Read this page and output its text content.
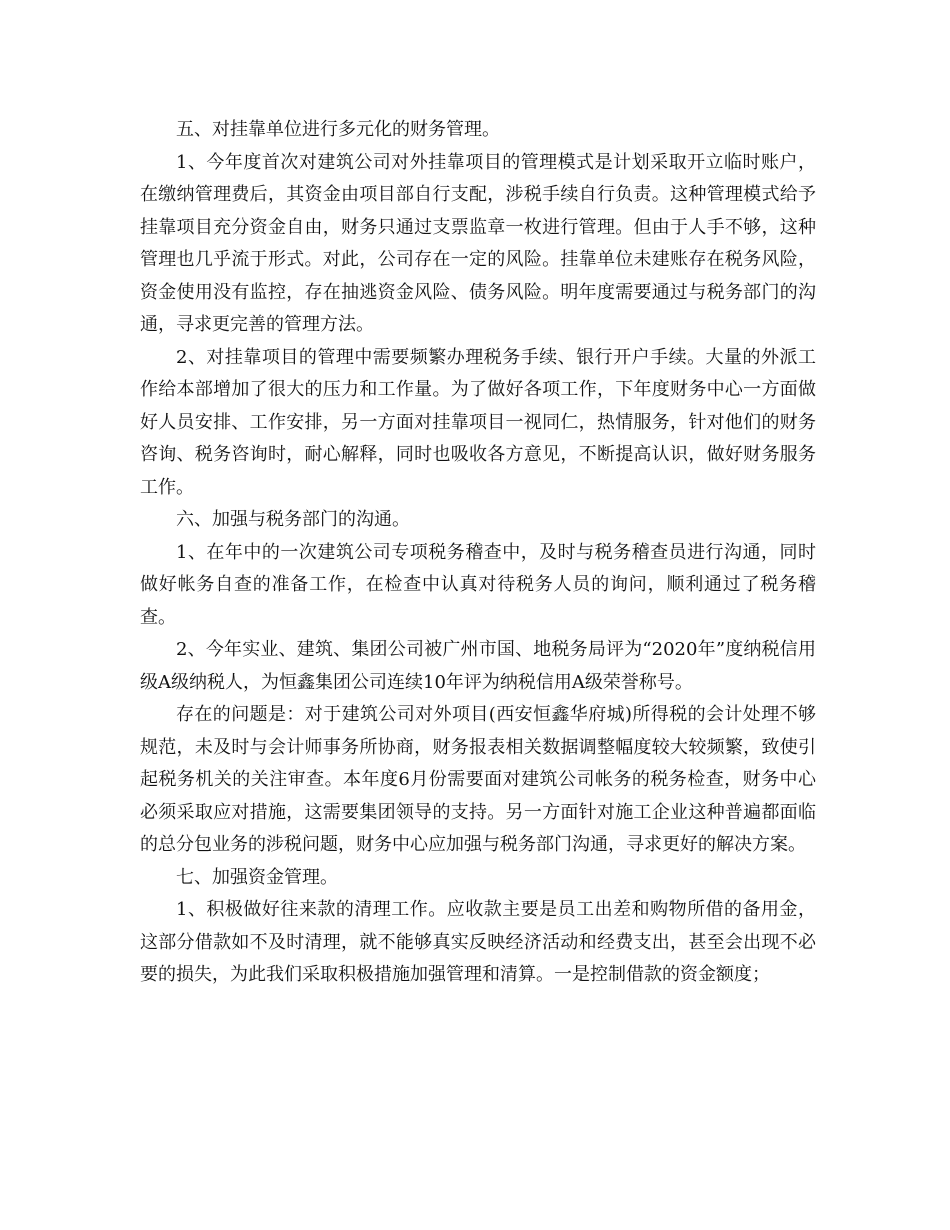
五、对挂靠单位进行多元化的财务管理。

1、今年度首次对建筑公司对外挂靠项目的管理模式是计划采取开立临时账户，在缴纳管理费后，其资金由项目部自行支配，涉税手续自行负责。这种管理模式给予挂靠项目充分资金自由，财务只通过支票监章一枚进行管理。但由于人手不够，这种管理也几乎流于形式。对此，公司存在一定的风险。挂靠单位未建账存在税务风险，资金使用没有监控，存在抽逃资金风险、债务风险。明年度需要通过与税务部门的沟通，寻求更完善的管理方法。

2、对挂靠项目的管理中需要频繁办理税务手续、银行开户手续。大量的外派工作给本部增加了很大的压力和工作量。为了做好各项工作，下年度财务中心一方面做好人员安排、工作安排，另一方面对挂靠项目一视同仁，热情服务，针对他们的财务咨询、税务咨询时，耐心解释，同时也吸收各方意见，不断提高认识，做好财务服务工作。

六、加强与税务部门的沟通。

1、在年中的一次建筑公司专项税务稽查中，及时与税务稽查员进行沟通，同时做好帐务自查的准备工作，在检查中认真对待税务人员的询问，顺利通过了税务稽查。

2、今年实业、建筑、集团公司被广州市国、地税务局评为“2020年”度纳税信用级A级纳税人，为恒鑫集团公司连续10年评为纳税信用A级荣誉称号。

存在的问题是：对于建筑公司对外项目(西安恒鑫华府城)所得税的会计处理不够规范，未及时与会计师事务所协商，财务报表相关数据调整幅度较大较频繁，致使引起税务机关的关注审查。本年度6月份需要面对建筑公司帐务的税务检查，财务中心必须采取应对措施，这需要集团领导的支持。另一方面针对施工企业这种普遍都面临的总分包业务的涉税问题，财务中心应加强与税务部门沟通，寻求更好的解决方案。

七、加强资金管理。

1、积极做好往来款的清理工作。应收款主要是员工出差和购物所借的备用金，这部分借款如不及时清理，就不能够真实反映经济活动和经费支出，甚至会出现不必要的损失，为此我们采取积极措施加强管理和清算。一是控制借款的资金额度；
